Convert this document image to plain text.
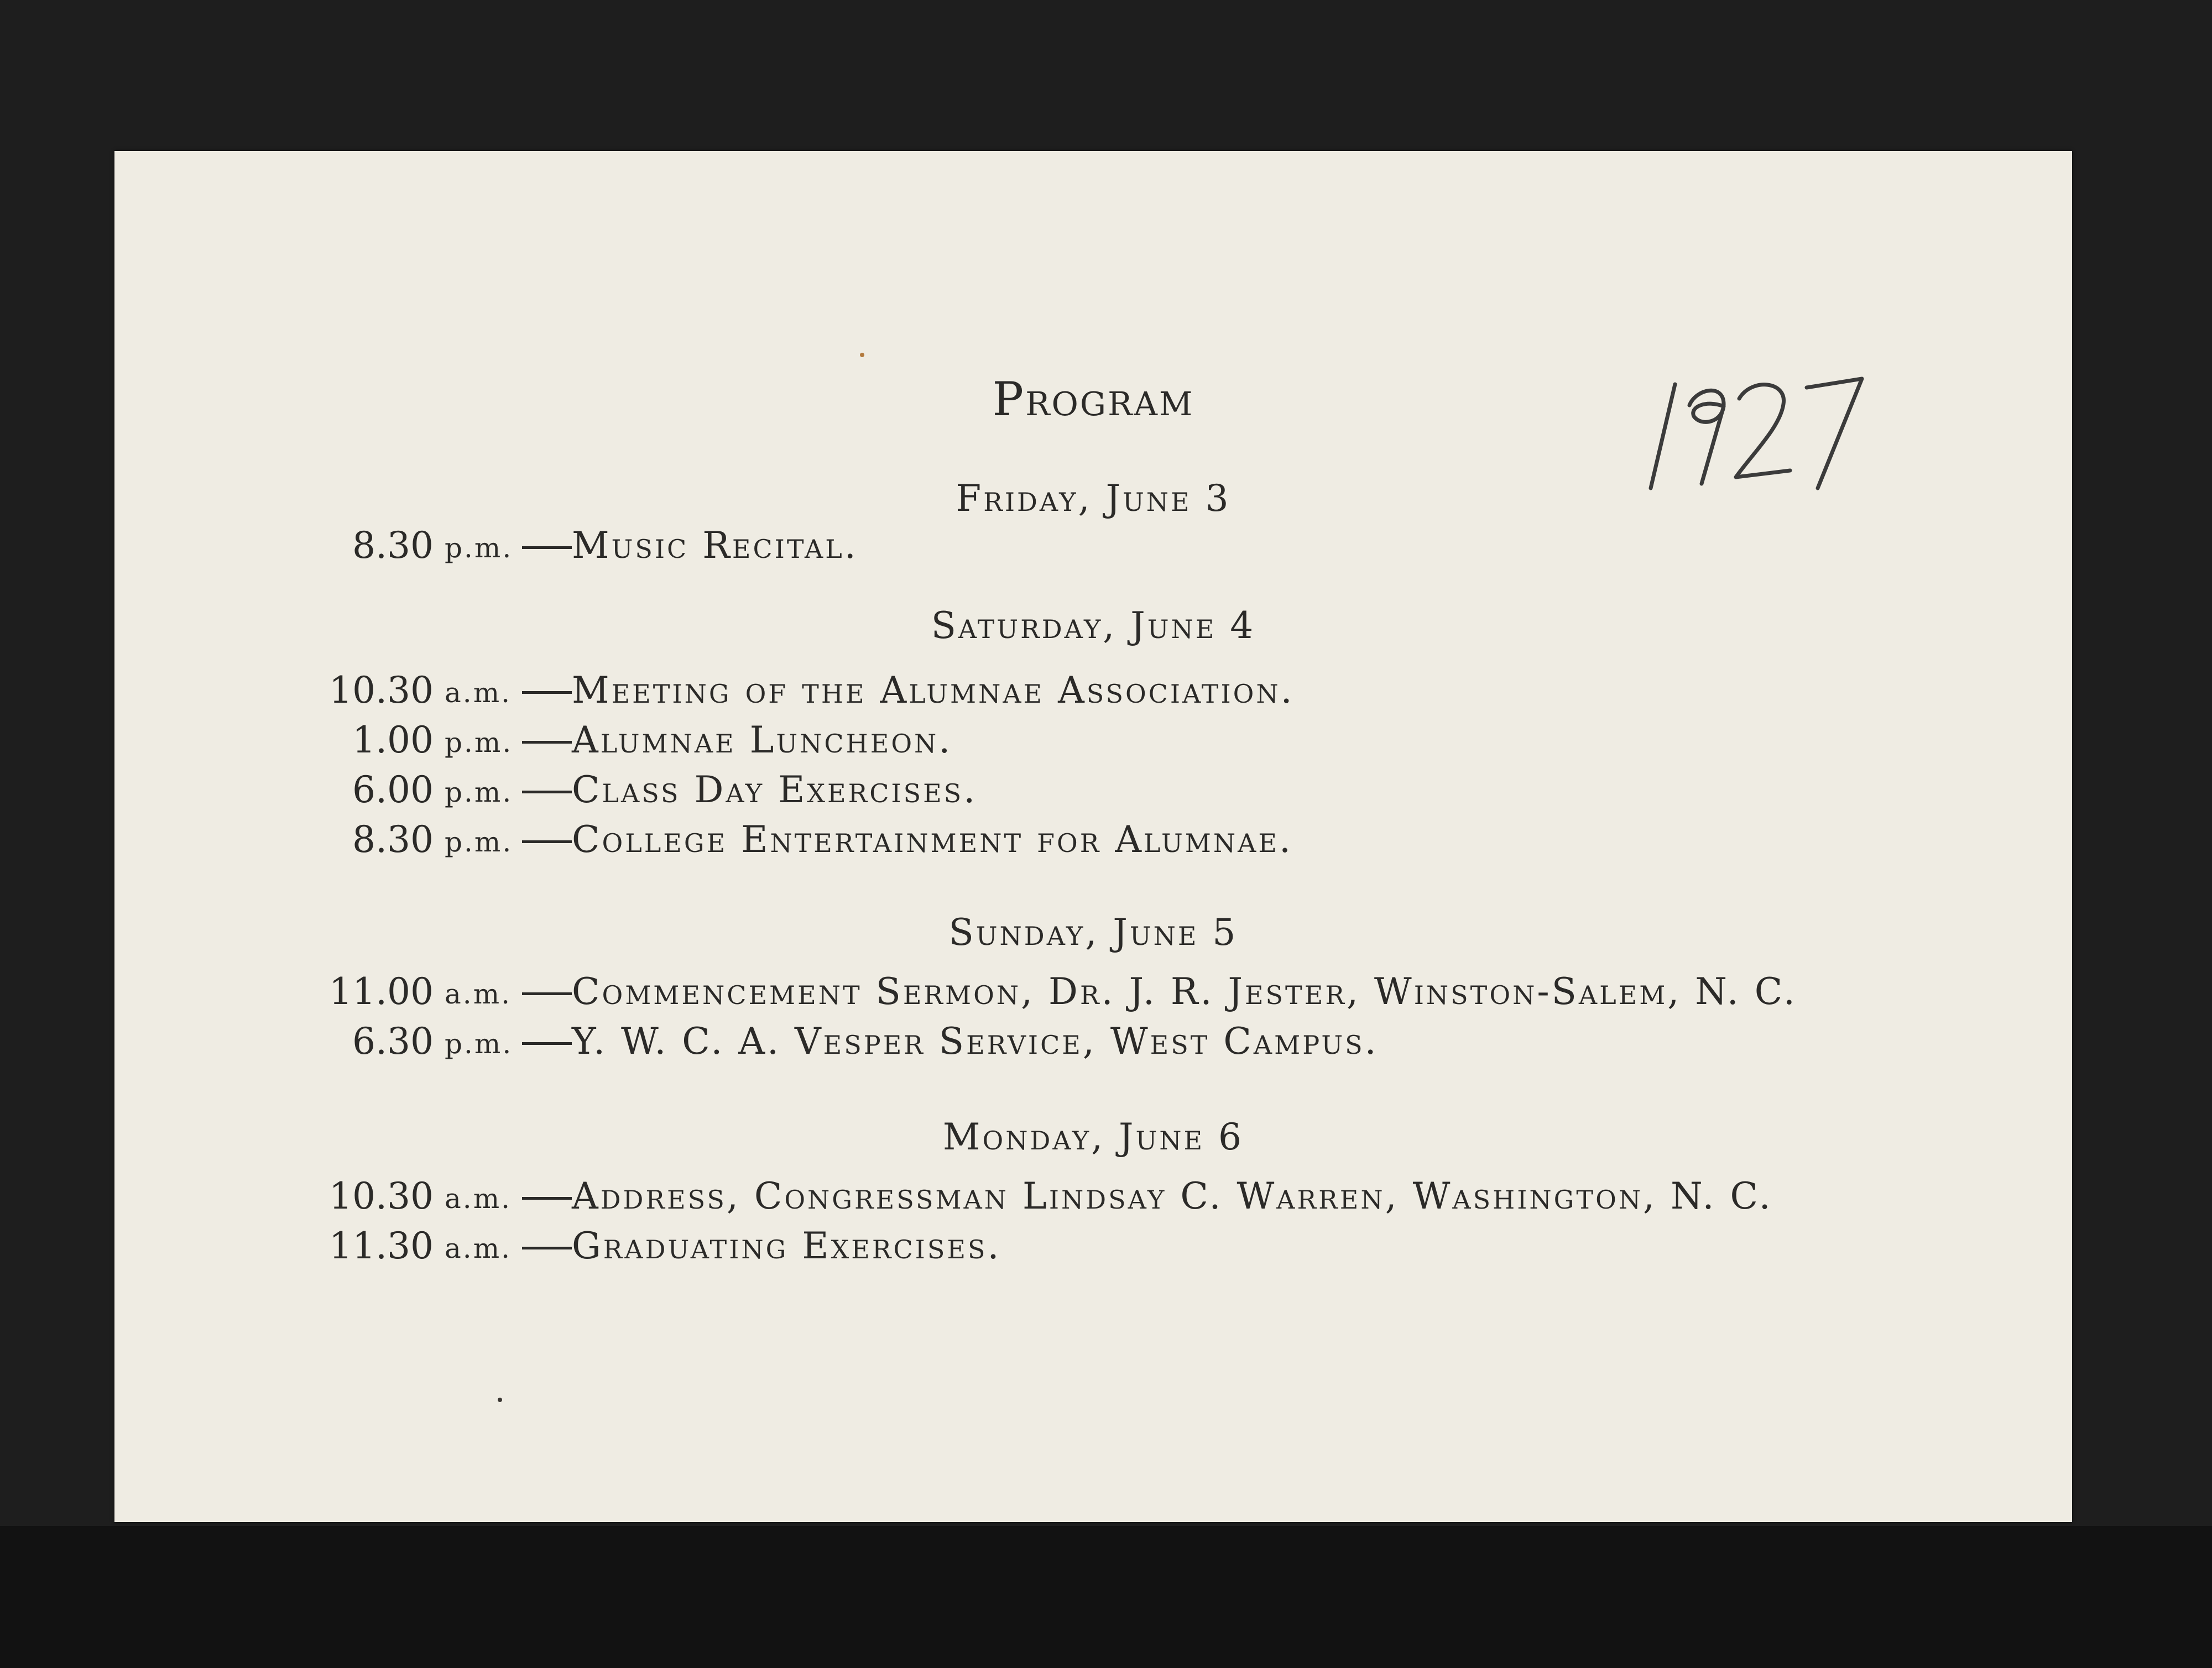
Program
Friday, June 3
8.30 p.m. Music Recital.
Saturday, June 4
10.30 a.m. Meeting of the Alumnae Association.
1.00 p.m. Alumnae Luncheon.
6.00 p.m. Class Day Exercises.
8.30 p.m. College Entertainment for Alumnae.
Sunday, June 5
11.00 a.m. Commencement Sermon, Dr. J. R. Jester, Winston-Salem, N. C.
6.30 p.m. Y. W. C. A. Vesper Service, West Campus.
Monday, June 6
10.30 a.m. Address, Congressman Lindsay C. Warren, Washington, N. C.
11.30 a.m. Graduating Exercises.
